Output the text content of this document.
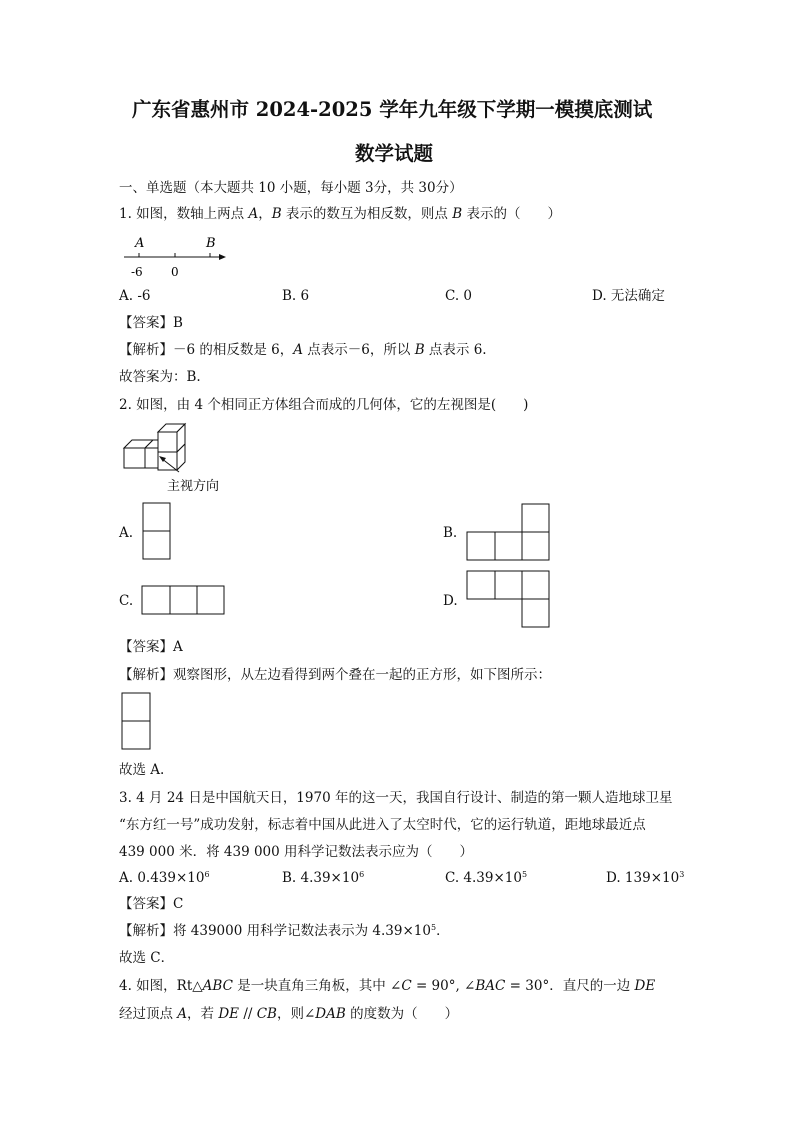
广东省惠州市 2024-2025 学年九年级下学期一模摸底测试
数学试题
一、单选题（本大题共 10 小题，每小题 3分，共 30分）
1. 如图，数轴上两点 A，B 表示的数互为相反数，则点 B 表示的（　　）
A	B
-6 0
A. -6	B. 6	C. 0	D. 无法确定
【答案】B
【解析】－6 的相反数是 6，A 点表示－6，所以 B 点表示 6.
故答案为：B.
2. 如图，由 4 个相同正方体组合而成的几何体，它的左视图是(　　)
主视方向
A.	B.
C.	D.
【答案】A
【解析】观察图形，从左边看得到两个叠在一起的正方形，如下图所示：
故选 A.
3. 4 月 24 日是中国航天日，1970 年的这一天，我国自行设计、制造的第一颗人造地球卫星
“东方红一号”成功发射，标志着中国从此进入了太空时代，它的运行轨道，距地球最近点
439 000 米．将 439 000 用科学记数法表示应为（　　）
A. $0.439\times 10^6$	B. $4.39\times 10^6$	C. $4.39\times 10^5$	D. $139\times 10^3$
【答案】C
【解析】将 439000 用科学记数法表示为 $4.39\times 10^5$．
故选 C．
4. 如图，Rt△ABC 是一块直角三角板，其中 ∠C = 90°, ∠BAC = 30°．直尺的一边 DE
经过顶点 A，若 DE // CB，则∠DAB 的度数为（　　）
